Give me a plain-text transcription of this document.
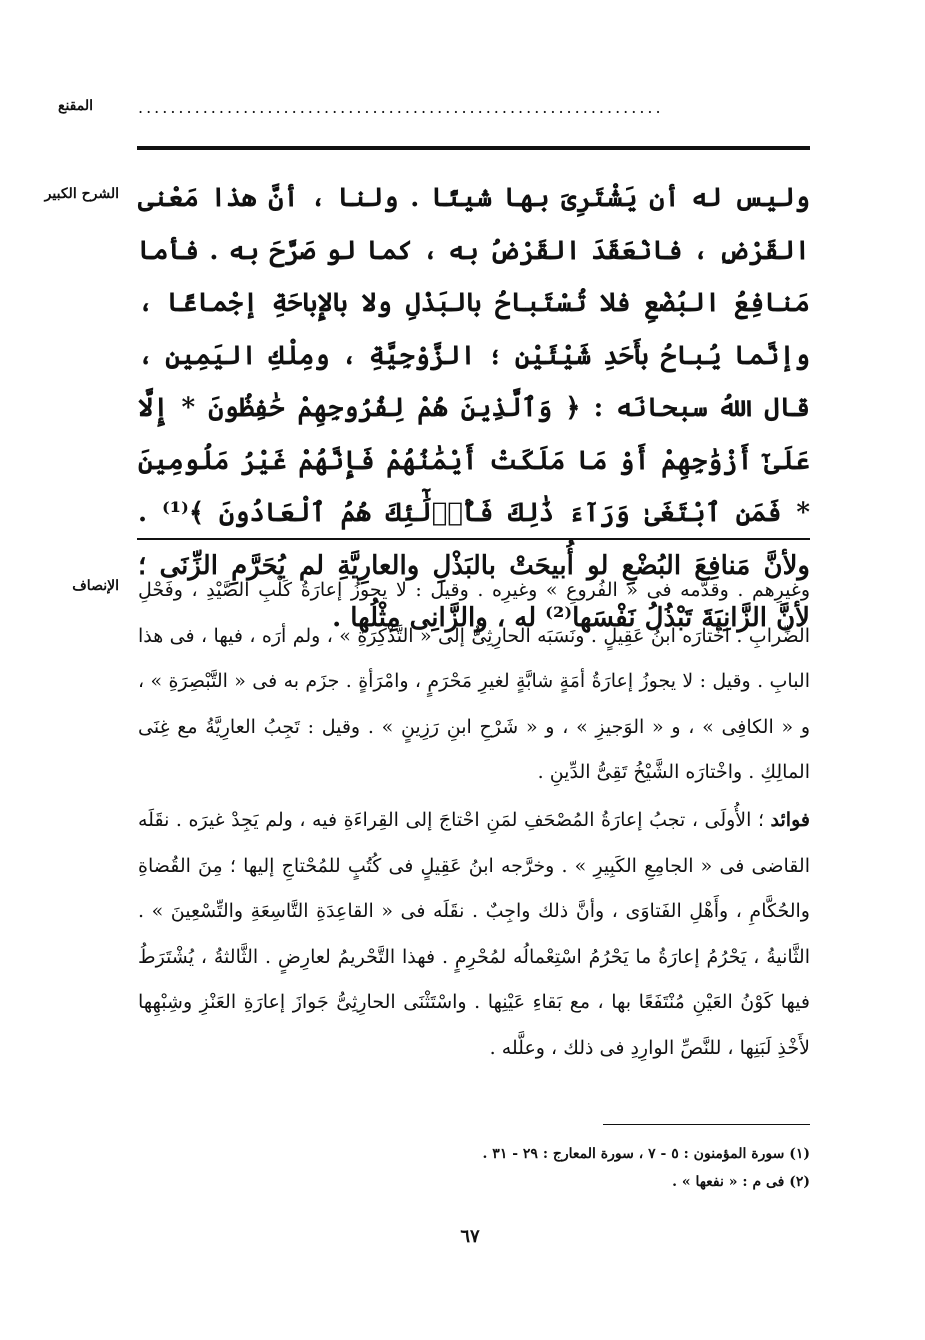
.................................................................
المقنع
الشرح الكبير وليس له أن يَشْتَرِىَ بها شيئًا . ولنا ، أنَّ هذا مَعْنى القَرْضِ ، فانْعَقَدَ القَرْضُ به ، كما لو صَرَّحَ به . فأما مَنافِعُ البُضْعِ فلا تُسْتَباحُ بالبَذْلِ ولا بالإِباحَةِ إجْماعًا ، وإنَّما يُباحُ بأَحَدِ شَيْئَيْنِ ؛ الزَّوْجِيَّةِ ، ومِلْكِ اليَمِينِ ، قال اللهُ سبحانَه : ﴿ وَٱلَّذِينَ هُمْ لِفُرُوجِهِمْ حَٰفِظُونَ * إِلَّا عَلَىٰٓ أَزْوَٰجِهِمْ أَوْ مَا مَلَكَتْ أَيْمَٰنُهُمْ فَإِنَّهُمْ غَيْرُ مَلُومِينَ * فَمَنِ ٱبْتَغَىٰ وَرَآءَ ذَٰلِكَ فَأُو۟لَٰٓئِكَ هُمُ ٱلْعَادُونَ ﴾⁽¹⁾ . ولأنَّ مَنافِعَ البُضْعِ لو أُبيحَتْ بالبَذْلِ والعارِيَّةِ لم يُحَرَّمِ الزِّنَى ؛ لأنَّ الزَّانِيَةَ تَبْذُلُ نَفْسَها⁽²⁾ له ، والزَّانِى مِثْلُها .
الإنصاف وغيرِهم . وقدَّمه فى « الفُروعِ » وغيرِه . وقيل : لا يجوزُ إعارَةُ كَلْبِ الصَّيْدِ ، وفَحْلِ الضِّرابِ . اخْتارَه ابنُ عَقِيلٍ . ونَسَبَه الحارِثِىُّ إلى « التَّذْكِرَةِ » ، ولم أرَه ، فيها ، فى هذا البابِ . وقيل : لا يجوزُ إعارَةُ أمَةٍ شابَّةٍ لغيرِ مَحْرَمٍ ، وامْرَأةٍ . جزَم به فى « التَّبْصِرَةِ » ، و « الكافِى » ، و « الوَجيزِ » ، و « شَرْحِ ابنِ رَزِينٍ » . وقيل : تَجِبُ العارِيَّةُ مع غِنَى المالِكِ . واخْتارَه الشَّيْخُ تَقِىُّ الدِّينِ .
فوائد ؛ الأُولَى ، تجبُ إعارَةُ المُصْحَفِ لمَنِ احْتاجَ إلى القِراءَةِ فيه ، ولم يَجِدْ غيرَه . نقَلَه القاضى فى « الجامِعِ الكَبِيرِ » . وخرَّجه ابنُ عَقِيلٍ فى كُتُبٍ للمُحْتاجِ إليها ؛ مِنَ القُضاةِ والحُكَّامِ ، وأَهْلِ الفَتاوَى ، وأنَّ ذلك واجِبٌ . نقَلَه فى « القاعِدَةِ التَّاسِعَةِ والتِّسْعِينَ » . الثَّانيةُ ، يَحْرُمُ إعارَةُ ما يَحْرُمُ اسْتِعْمالُه لمُحْرِمٍ . فهذا التَّحْريمُ لعارِضٍ . الثَّالثةُ ، يُشْتَرَطُ فيها كَوْنُ العَيْنِ مُنْتَفَعًا بها ، مع بَقاءِ عَيْنِها . واسْتَثْنَى الحارِثِىُّ جَوازَ إعارَةِ العَنْزِ وشِبْهِها لأَخْذِ لَبَنِها ، للنَّصِّ الوارِدِ فى ذلك ، وعلَّله .
(١) سورة المؤمنون : ٥ - ٧ ، سورة المعارج : ٢٩ - ٣١ .
(٢) فى م : « نفعها » .
٦٧
